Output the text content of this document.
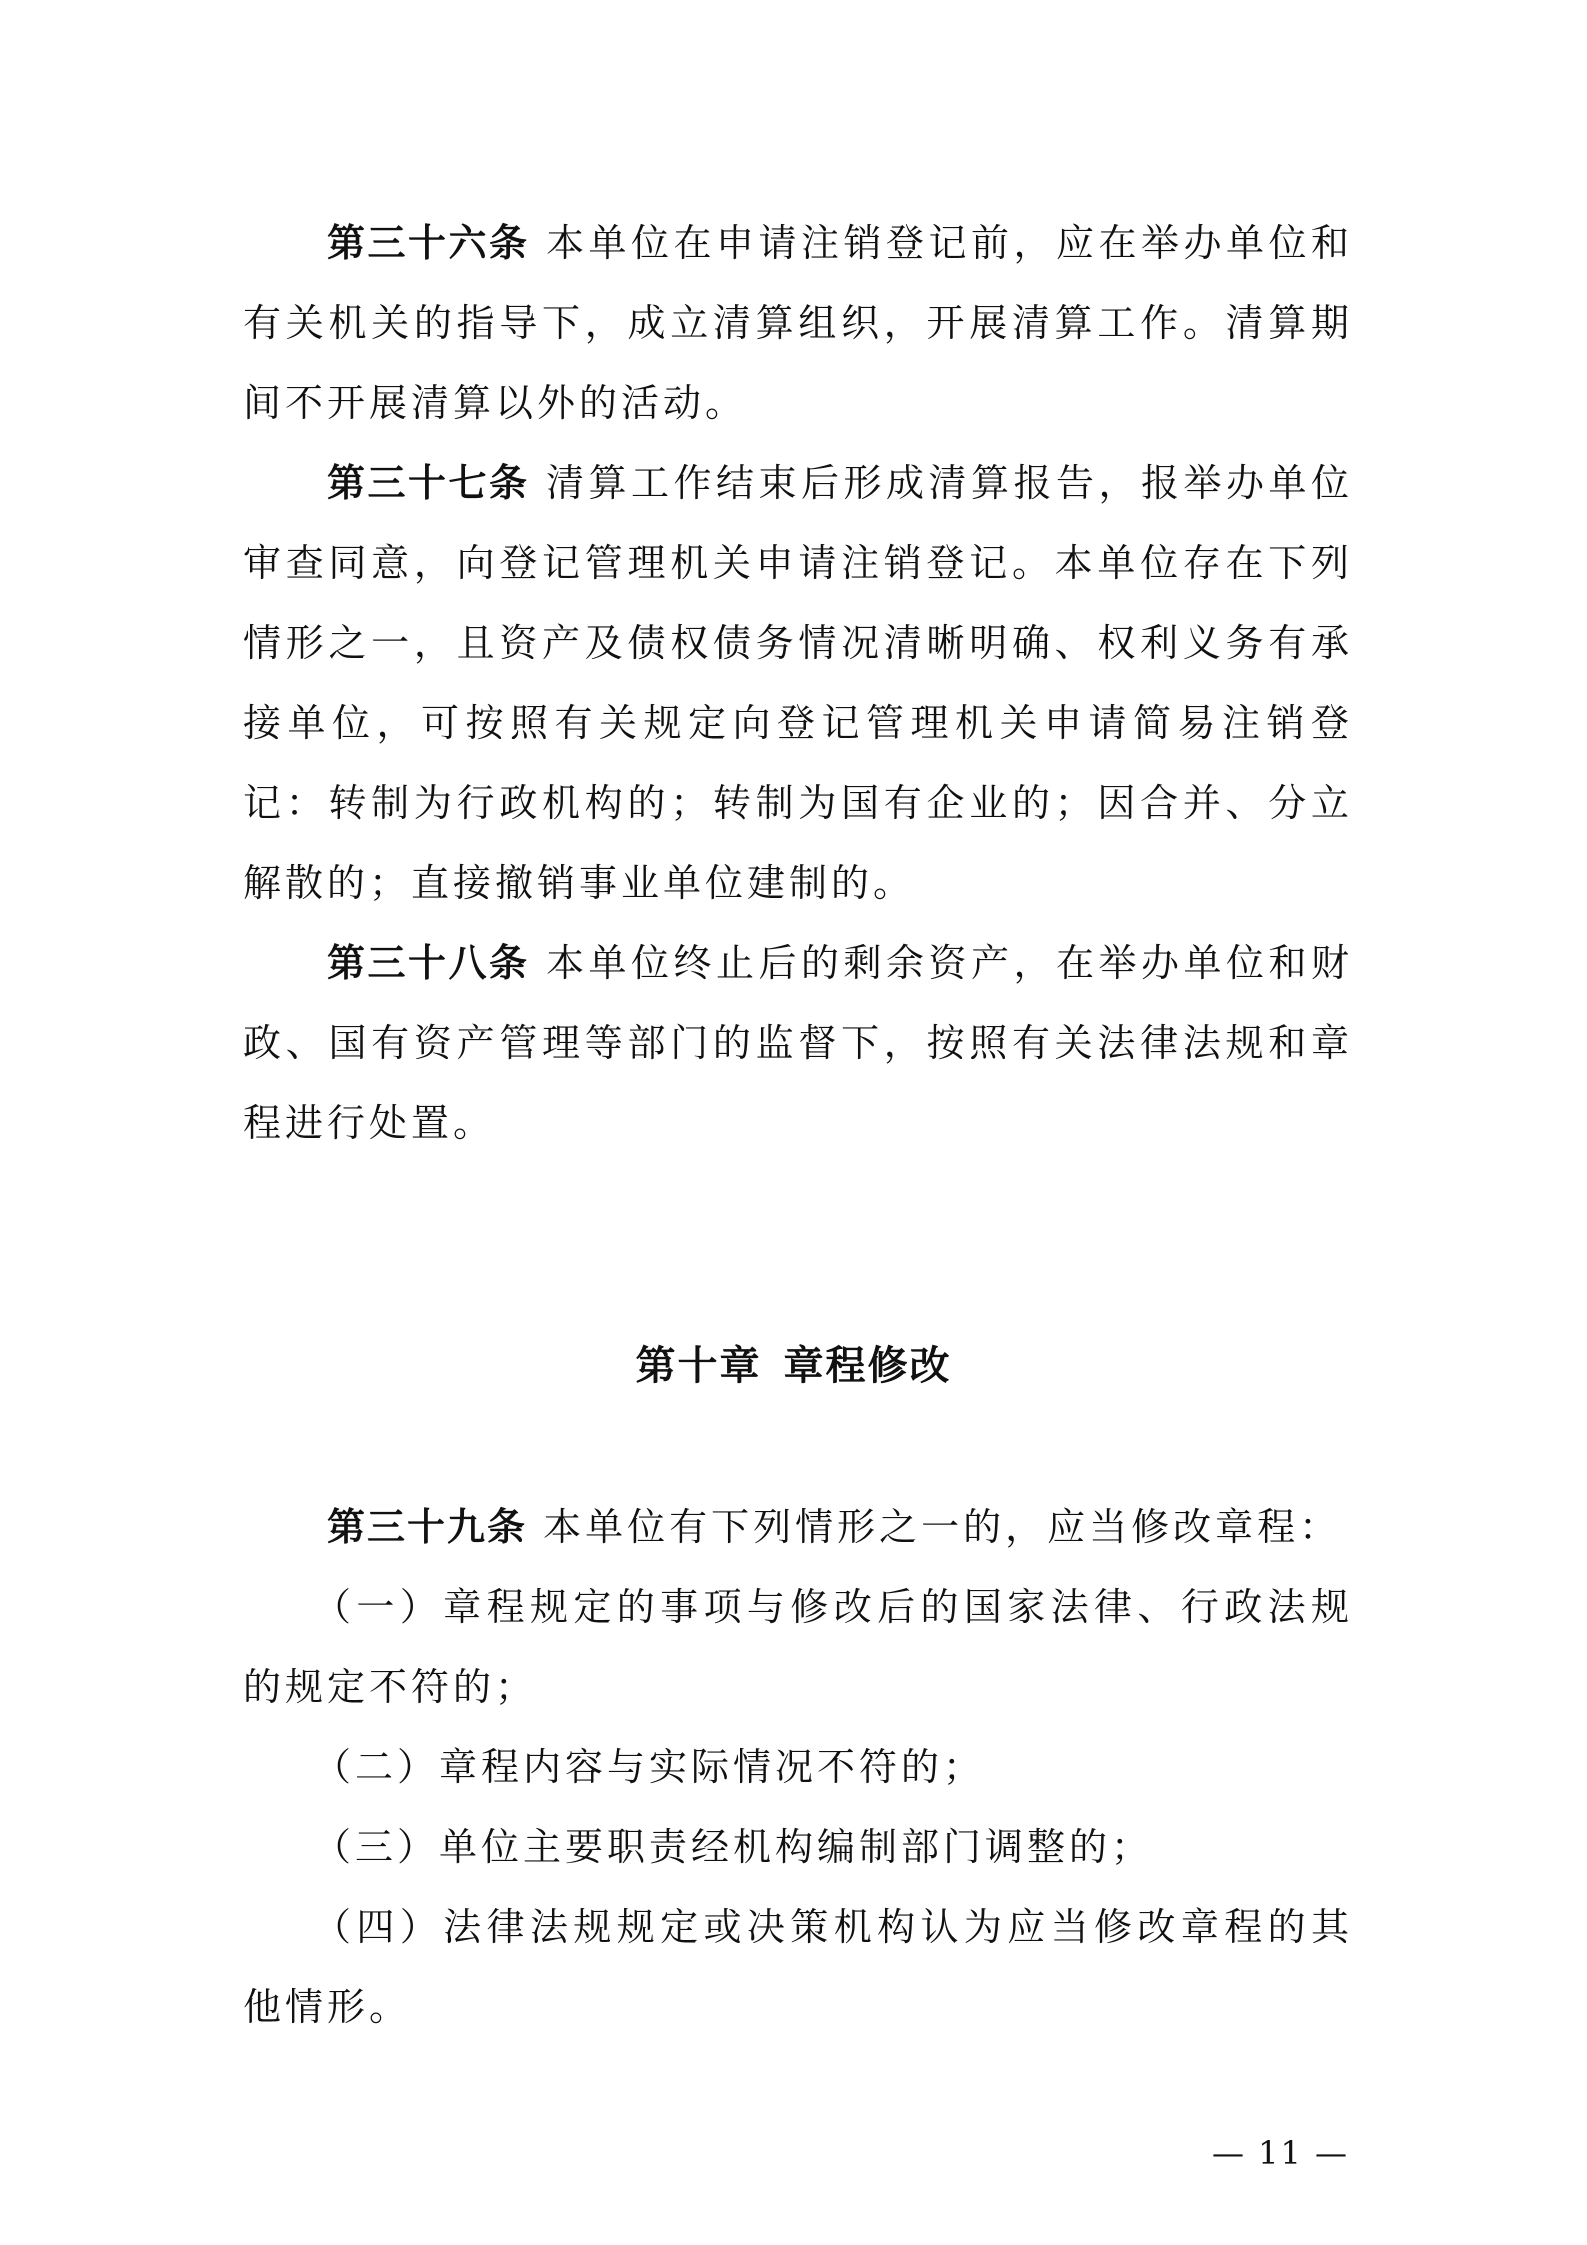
第三十六条 本单位在申请注销登记前，应在举办单位和有关机关的指导下，成立清算组织，开展清算工作。清算期间不开展清算以外的活动。

第三十七条 清算工作结束后形成清算报告，报举办单位审查同意，向登记管理机关申请注销登记。本单位存在下列情形之一，且资产及债权债务情况清晰明确、权利义务有承接单位，可按照有关规定向登记管理机关申请简易注销登记：转制为行政机构的；转制为国有企业的；因合并、分立解散的；直接撤销事业单位建制的。

第三十八条 本单位终止后的剩余资产，在举办单位和财政、国有资产管理等部门的监督下，按照有关法律法规和章程进行处置。

第十章 章程修改

第三十九条 本单位有下列情形之一的，应当修改章程：

（一）章程规定的事项与修改后的国家法律、行政法规的规定不符的；

（二）章程内容与实际情况不符的；

（三）单位主要职责经机构编制部门调整的；

（四）法律法规规定或决策机构认为应当修改章程的其他情形。

— 11 —
